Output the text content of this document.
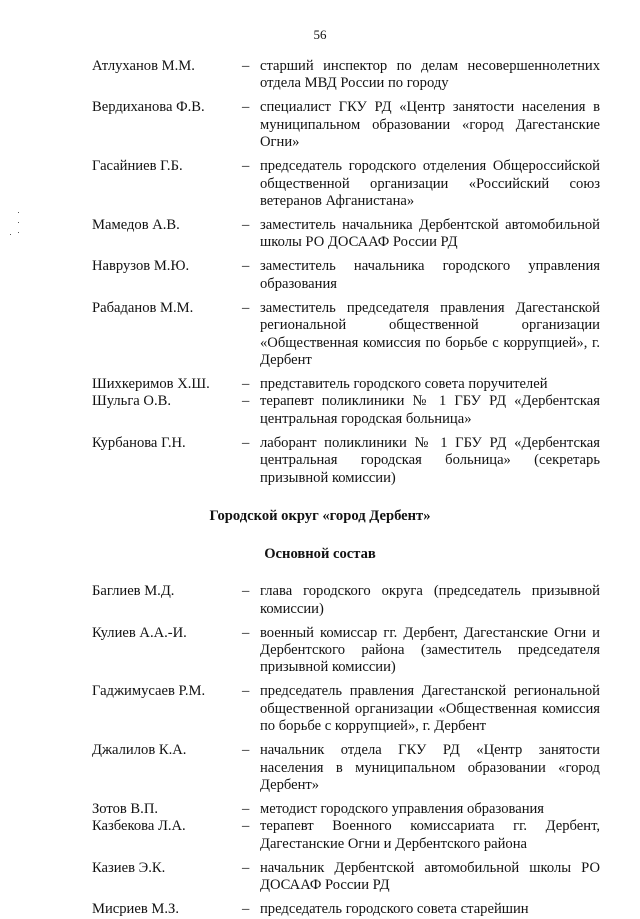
56
Атлуханов М.М.	– старший инспектор по делам несовершеннолетних отдела МВД России по городу
Вердиханова Ф.В.	– специалист ГКУ РД «Центр занятости населения в муниципальном образовании «город Дагестанские Огни»
Гасайниев Г.Б.	– председатель городского отделения Общероссийской общественной организации «Российский союз ветеранов Афганистана»
Мамедов А.В.	– заместитель начальника Дербентской автомобильной школы РО ДОСААФ России РД
Наврузов М.Ю.	– заместитель начальника городского управления образования
Рабаданов М.М.	– заместитель председателя правления Дагестанской региональной общественной организации «Общественная комиссия по борьбе с коррупцией», г. Дербент
Шихкеримов Х.Ш.	– представитель городского совета поручителей
Шульга О.В.	– терапевт поликлиники № 1 ГБУ РД «Дербентская центральная городская больница»
Курбанова Г.Н.	– лаборант поликлиники № 1 ГБУ РД «Дербентская центральная городская больница» (секретарь призывной комиссии)
Городской округ «город Дербент»
Основной состав
Баглиев М.Д.	– глава городского округа (председатель призывной комиссии)
Кулиев А.А.-И.	– военный комиссар гг. Дербент, Дагестанские Огни и Дербентского района (заместитель председателя призывной комиссии)
Гаджимусаев Р.М.	– председатель правления Дагестанской региональной общественной организации «Общественная комиссия по борьбе с коррупцией», г. Дербент
Джалилов К.А.	– начальник отдела ГКУ РД «Центр занятости населения в муниципальном образовании «город Дербент»
Зотов В.П.	– методист городского управления образования
Казбекова Л.А.	– терапевт Военного комиссариата гг. Дербент, Дагестанские Огни и Дербентского района
Казиев Э.К.	– начальник Дербентской автомобильной школы РО ДОСААФ России РД
Мисриев М.З.	– председатель городского совета старейшин
